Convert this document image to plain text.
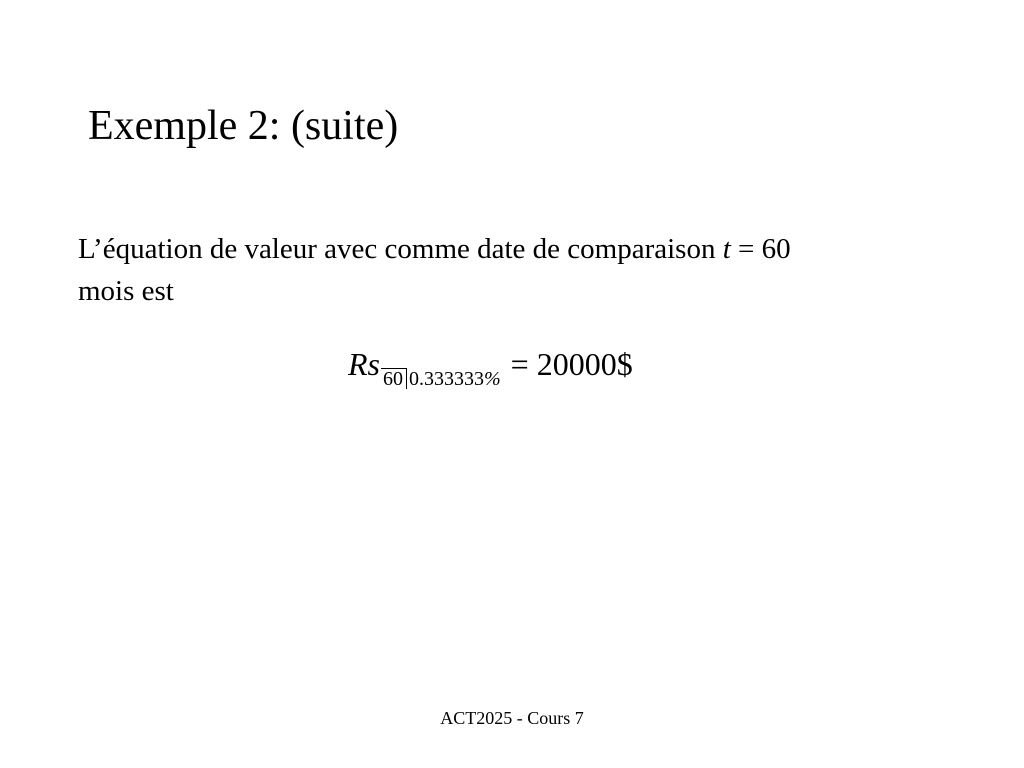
Exemple 2: (suite)
L’équation de valeur avec comme date de comparaison t = 60
mois est
Rs 60 0.333333% = 20000$
ACT2025 - Cours 7
